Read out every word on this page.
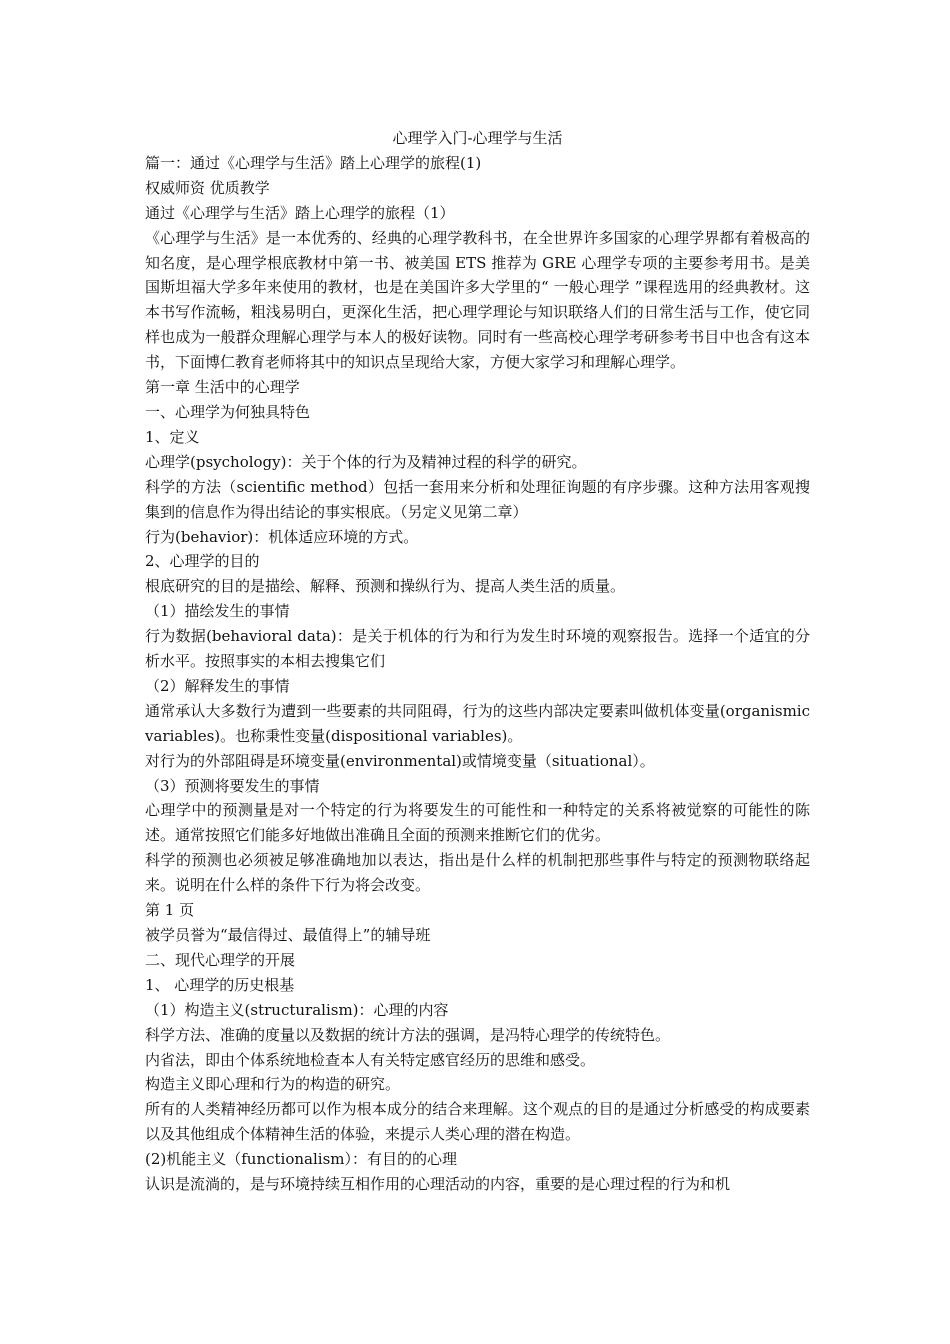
心理学入门-心理学与生活
篇一：通过《心理学与生活》踏上心理学的旅程(1)
权威师资 优质教学
通过《心理学与生活》踏上心理学的旅程（1）
《心理学与生活》是一本优秀的、经典的心理学教科书，在全世界许多国家的心理学界都有着极高的知名度，是心理学根底教材中第一书、被美国 ETS 推荐为 GRE 心理学专项的主要参考用书。是美国斯坦福大学多年来使用的教材，也是在美国许多大学里的“ 一般心理学 ”课程选用的经典教材。这本书写作流畅，粗浅易明白，更深化生活，把心理学理论与知识联络人们的日常生活与工作，使它同样也成为一般群众理解心理学与本人的极好读物。同时有一些高校心理学考研参考书目中也含有这本书，下面博仁教育老师将其中的知识点呈现给大家，方便大家学习和理解心理学。
第一章 生活中的心理学
一、心理学为何独具特色
1、定义
心理学(psychology)：关于个体的行为及精神过程的科学的研究。
科学的方法（scientific method）包括一套用来分析和处理征询题的有序步骤。这种方法用客观搜集到的信息作为得出结论的事实根底。（另定义见第二章）
行为(behavior)：机体适应环境的方式。
2、心理学的目的
根底研究的目的是描绘、解释、预测和操纵行为、提高人类生活的质量。
（1）描绘发生的事情
行为数据(behavioral data)：是关于机体的行为和行为发生时环境的观察报告。选择一个适宜的分析水平。按照事实的本相去搜集它们
（2）解释发生的事情
通常承认大多数行为遭到一些要素的共同阻碍，行为的这些内部决定要素叫做机体变量(organismic variables)。也称秉性变量(dispositional variables)。
对行为的外部阻碍是环境变量(environmental)或情境变量（situational）。
（3）预测将要发生的事情
心理学中的预测量是对一个特定的行为将要发生的可能性和一种特定的关系将被觉察的可能性的陈述。通常按照它们能多好地做出准确且全面的预测来推断它们的优劣。
科学的预测也必须被足够准确地加以表达，指出是什么样的机制把那些事件与特定的预测物联络起来。说明在什么样的条件下行为将会改变。
第 1 页
被学员誉为“最信得过、最值得上”的辅导班
二、现代心理学的开展
1、 心理学的历史根基
（1）构造主义(structuralism)：心理的内容
科学方法、准确的度量以及数据的统计方法的强调，是冯特心理学的传统特色。
内省法，即由个体系统地检查本人有关特定感官经历的思维和感受。
构造主义即心理和行为的构造的研究。
所有的人类精神经历都可以作为根本成分的结合来理解。这个观点的目的是通过分析感受的构成要素以及其他组成个体精神生活的体验，来提示人类心理的潜在构造。
(2)机能主义（functionalism）：有目的的心理
认识是流淌的，是与环境持续互相作用的心理活动的内容，重要的是心理过程的行为和机
